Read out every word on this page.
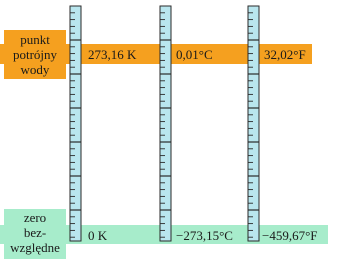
punkt
potrójny
wody
zero
bez-
względne
273,16 K	0,01°C	32,02°F
0 K	−273,15°C −459,67°F
